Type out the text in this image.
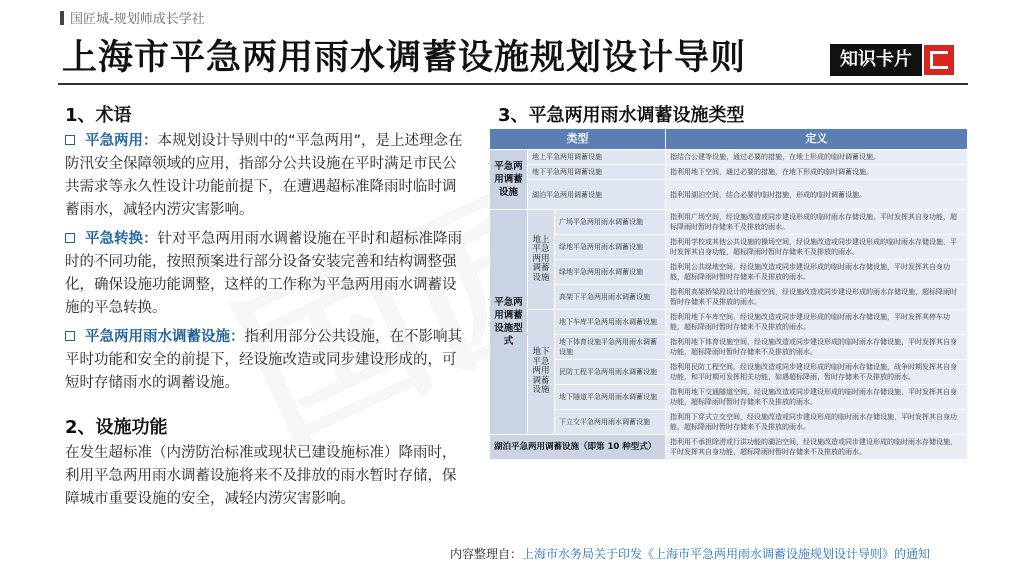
国匠城-规划师成长学社
上海市平急两用雨水调蓄设施规划设计导则	知识卡片
1、术语
平急两用：本规划设计导则中的“平急两用”，是上述理念在防汛安全保障领域的应用，指部分公共设施在平时满足市民公共需求等永久性设计功能前提下，在遭遇超标准降雨时临时调蓄雨水，减轻内涝灾害影响。
平急转换：针对平急两用雨水调蓄设施在平时和超标准降雨时的不同功能，按照预案进行部分设备安装完善和结构调整强化，确保设施功能调整，这样的工作称为平急两用雨水调蓄设施的平急转换。
平急两用雨水调蓄设施：指利用部分公共设施，在不影响其平时功能和安全的前提下，经设施改造或同步建设形成的，可短时存储雨水的调蓄设施。
2、设施功能
在发生超标准（内涝防治标准或现状已建设施标准）降雨时，利用平急两用雨水调蓄设施将来不及排放的雨水暂时存储，保障城市重要设施的安全，减轻内涝灾害影响。
3、平急两用雨水调蓄设施类型
类型			定义
平急两用调蓄设施	地上平急两用调蓄设施		指结合公建等设施，通过必要的措施，在地上形成的临时调蓄设施。
	地下平急两用调蓄设施		指利用地下空间，通过必要的措施，在地下形成的临时调蓄设施。
	湖泊平急两用调蓄设施		指利用湖泊空间，结合必要的临时措施，形成的临时调蓄设施。
平急两用调蓄设施型式	地上平急两用调蓄设施	广场平急两用雨水调蓄设施	指利用广场空间，经设施改造或同步建设形成的临时雨水存储设施，平时发挥其自身功能，超标降雨时暂时存储来不及排放的雨水。
		绿地平急两用雨水调蓄设施	指利用学校或其他公共设施的操场空间，经设施改造或同步建设形成的临时雨水存储设施，平时发挥其自身功能，超标降雨时暂时存储来不及排放的雨水。
		绿地平急两用雨水调蓄设施	指利用公共绿地空间，经设施改造或同步建设形成的临时雨水存储设施，平时发挥其自身功能，超标降雨时暂时存储来不及排放的雨水。
		高架下平急两用雨水调蓄设施	指利用高架桥梁段设计的地面空间，经设施改造或同步建设形成的雨水存储设施，超标降雨时暂时存储来不及排放的雨水。
	地下平急两用调蓄设施	地下车库平急两用雨水调蓄设施	指利用地下车库空间，经设施改造或同步建设形成的临时雨水存储设施，平时发挥其停车功能，超标降雨时暂时存储来不及排放的雨水。
		地下体育设施平急两用雨水调蓄设施	指利用地下体育设施空间，经设施改造或同步建设形成的临时雨水存储设施，平时发挥其自身功能，超标降雨时暂时存储来不及排放的雨水。
		民防工程平急两用雨水调蓄设施	指利用民防工程空间，经设施改造或同步建设形成的临时雨水存储设施，战争时期发挥其自身功能，和平时期可发挥相关功能，如遇超标降雨，暂时存储来不及排放的雨水。
		地下隧道平急两用雨水调蓄设施	指利用地下交通隧道空间，经设施改造或同步建设形成的临时雨水存储设施，平时发挥其自身功能，超标降雨时暂时存储来不及排放的雨水。
		下立交平急两用雨水调蓄设施	指利用下穿式立交空间，经设施改造或同步建设形成的临时雨水存储设施，平时发挥其自身功能，超标降雨时暂时存储来不及排放的雨水。
湖泊平急两用调蓄设施（即第 10 种型式）			指利用不承担除涝或行洪功能的湖泊空间，经设施改造或同步建设形成的临时雨水存储设施，平时发挥其自身功能，超标降雨时暂时存储来不及排放的雨水。
内容整理自：上海市水务局关于印发《上海市平急两用雨水调蓄设施规划设计导则》的通知
